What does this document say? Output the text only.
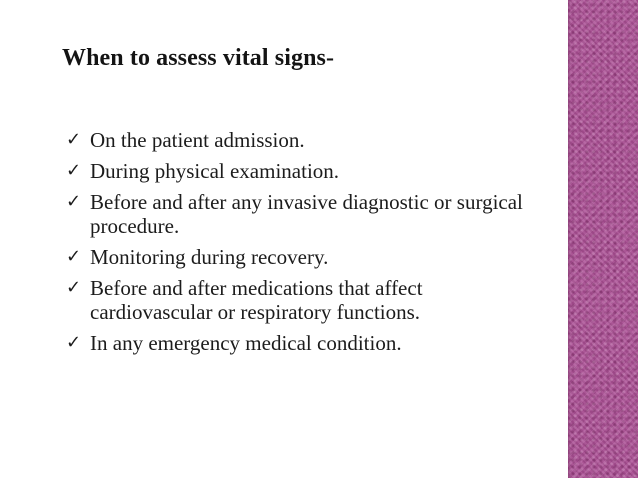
When to assess vital signs-
✓ On the patient admission.
✓ During physical examination.
✓ Before and after any invasive diagnostic or surgical procedure.
✓ Monitoring during recovery.
✓ Before and after medications that affect cardiovascular or respiratory functions.
✓ In any emergency medical condition.
